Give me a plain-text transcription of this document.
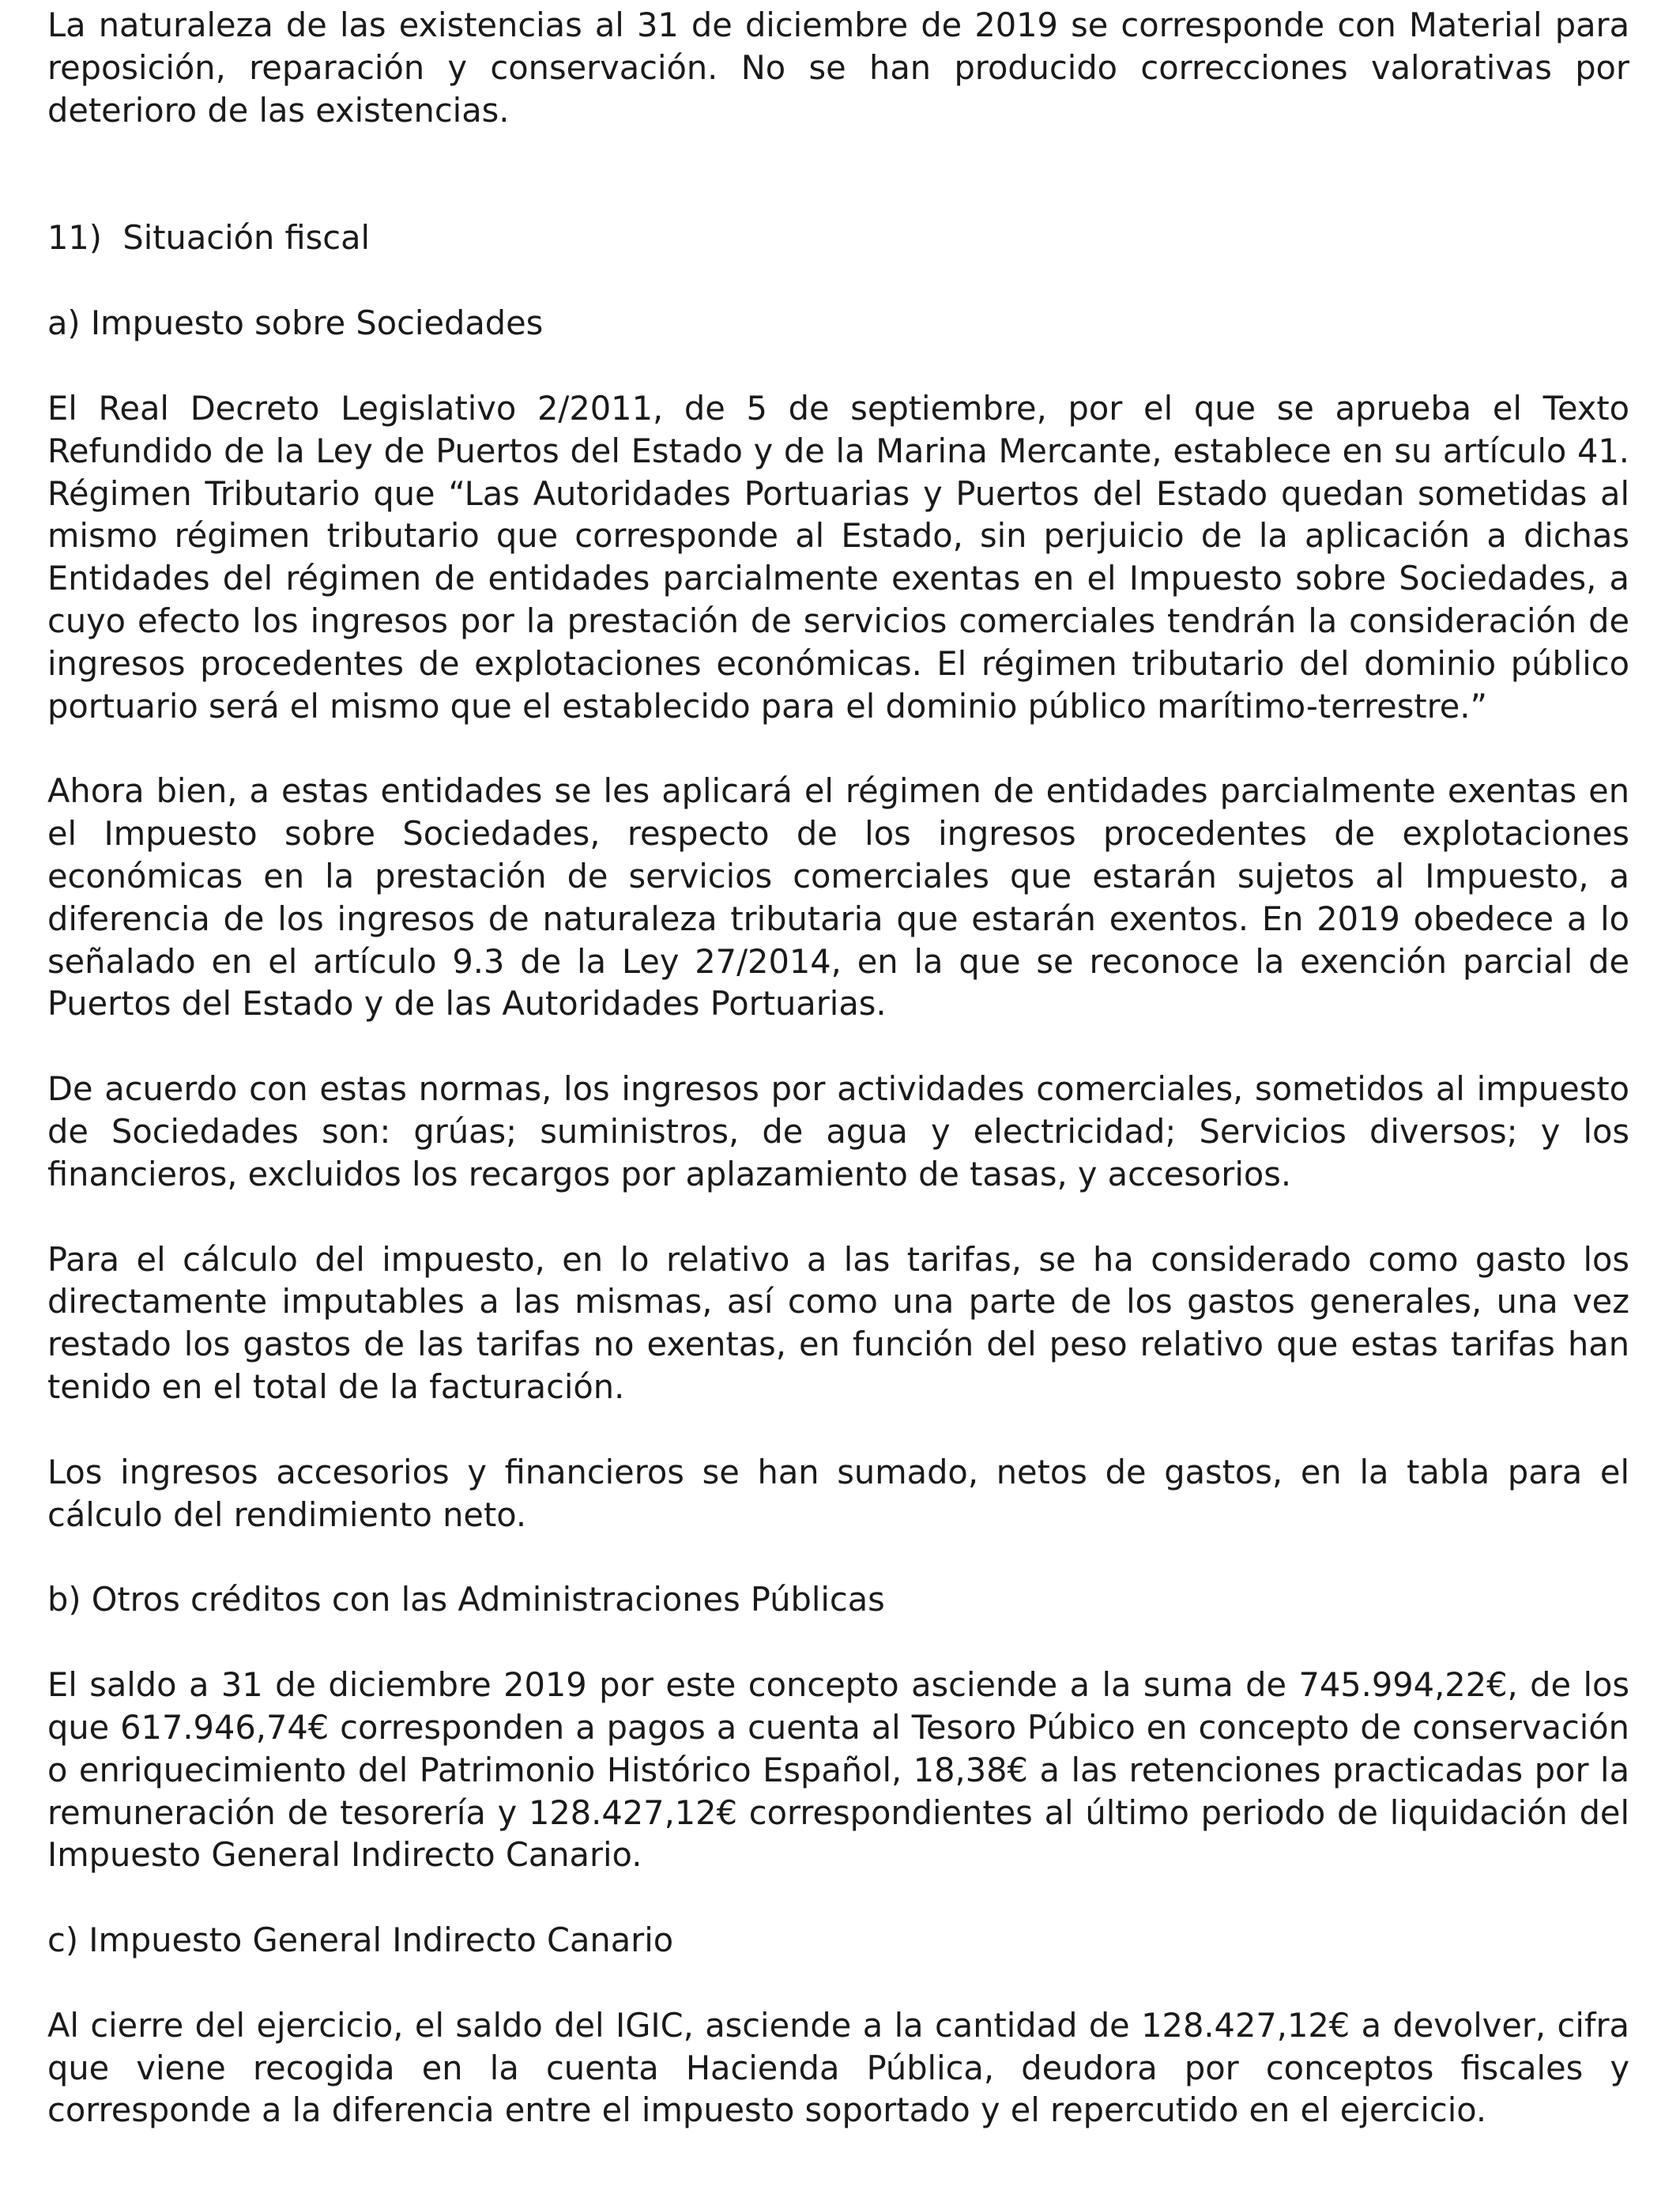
La naturaleza de las existencias al 31 de diciembre de 2019 se corresponde con Material para reposición, reparación y conservación. No se han producido correcciones valorativas por deterioro de las existencias.

11)  Situación fiscal

a) Impuesto sobre Sociedades

El Real Decreto Legislativo 2/2011, de 5 de septiembre, por el que se aprueba el Texto Refundido de la Ley de Puertos del Estado y de la Marina Mercante, establece en su artículo 41. Régimen Tributario que “Las Autoridades Portuarias y Puertos del Estado quedan sometidas al mismo régimen tributario que corresponde al Estado, sin perjuicio de la aplicación a dichas Entidades del régimen de entidades parcialmente exentas en el Impuesto sobre Sociedades, a cuyo efecto los ingresos por la prestación de servicios comerciales tendrán la consideración de ingresos procedentes de explotaciones económicas. El régimen tributario del dominio público portuario será el mismo que el establecido para el dominio público marítimo-terrestre.”

Ahora bien, a estas entidades se les aplicará el régimen de entidades parcialmente exentas en el Impuesto sobre Sociedades, respecto de los ingresos procedentes de explotaciones económicas en la prestación de servicios comerciales que estarán sujetos al Impuesto, a diferencia de los ingresos de naturaleza tributaria que estarán exentos. En 2019 obedece a lo señalado en el artículo 9.3 de la Ley 27/2014, en la que se reconoce la exención parcial de Puertos del Estado y de las Autoridades Portuarias.

De acuerdo con estas normas, los ingresos por actividades comerciales, sometidos al impuesto de Sociedades son: grúas; suministros, de agua y electricidad; Servicios diversos; y los financieros, excluidos los recargos por aplazamiento de tasas, y accesorios.

Para el cálculo del impuesto, en lo relativo a las tarifas, se ha considerado como gasto los directamente imputables a las mismas, así como una parte de los gastos generales, una vez restado los gastos de las tarifas no exentas, en función del peso relativo que estas tarifas han tenido en el total de la facturación.

Los ingresos accesorios y financieros se han sumado, netos de gastos, en la tabla para el cálculo del rendimiento neto.

b) Otros créditos con las Administraciones Públicas

El saldo a 31 de diciembre 2019 por este concepto asciende a la suma de 745.994,22€, de los que 617.946,74€ corresponden a pagos a cuenta al Tesoro Púbico en concepto de conservación o enriquecimiento del Patrimonio Histórico Español, 18,38€ a las retenciones practicadas por la remuneración de tesorería y 128.427,12€ correspondientes al último periodo de liquidación del Impuesto General Indirecto Canario.

c) Impuesto General Indirecto Canario

Al cierre del ejercicio, el saldo del IGIC, asciende a la cantidad de 128.427,12€ a devolver, cifra que viene recogida en la cuenta Hacienda Pública, deudora por conceptos fiscales y corresponde a la diferencia entre el impuesto soportado y el repercutido en el ejercicio.
